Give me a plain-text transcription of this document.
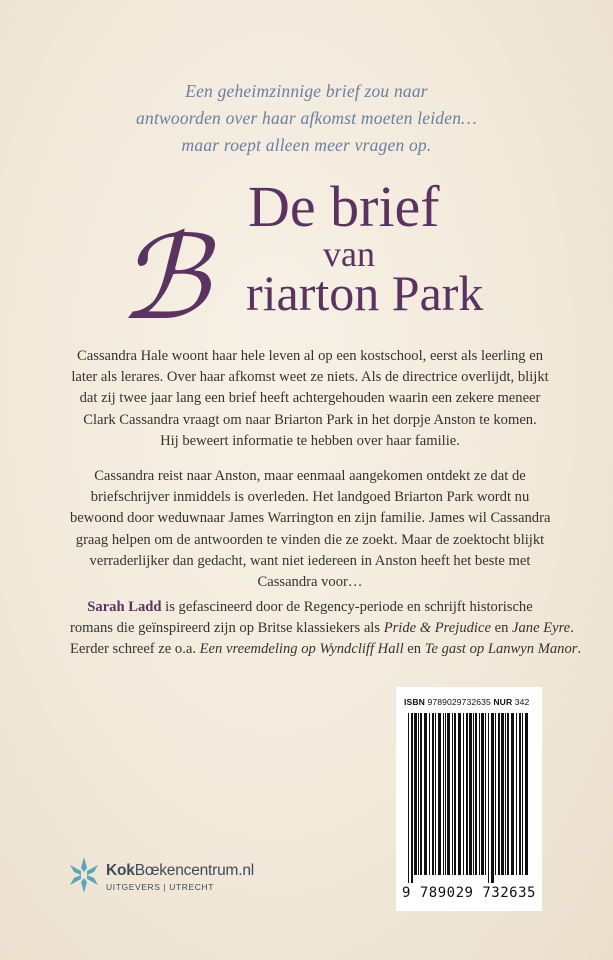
Een geheimzinnige brief zou naar
antwoorden over haar afkomst moeten leiden…
maar roept alleen meer vragen op.
De brief
van
ℬ riarton Park
Cassandra Hale woont haar hele leven al op een kostschool, eerst als leerling en
later als lerares. Over haar afkomst weet ze niets. Als de directrice overlijdt, blijkt
dat zij twee jaar lang een brief heeft achtergehouden waarin een zekere meneer
Clark Cassandra vraagt om naar Briarton Park in het dorpje Anston te komen.
Hij beweert informatie te hebben over haar familie.
Cassandra reist naar Anston, maar eenmaal aangekomen ontdekt ze dat de
briefschrijver inmiddels is overleden. Het landgoed Briarton Park wordt nu
bewoond door weduwnaar James Warrington en zijn familie. James wil Cassandra
graag helpen om de antwoorden te vinden die ze zoekt. Maar de zoektocht blijkt
verraderlijker dan gedacht, want niet iedereen in Anston heeft het beste met
Cassandra voor…
Sarah Ladd is gefascineerd door de Regency-periode en schrijft historische
romans die geïnspireerd zijn op Britse klassiekers als Pride & Prejudice en Jane Eyre.
Eerder schreef ze o.a. Een vreemdeling op Wyndcliff Hall en Te gast op Lanwyn Manor.
KokBœkencentrum.nl
UITGEVERS | UTRECHT
ISBN 9789029732635 NUR 342
9 789029 732635
